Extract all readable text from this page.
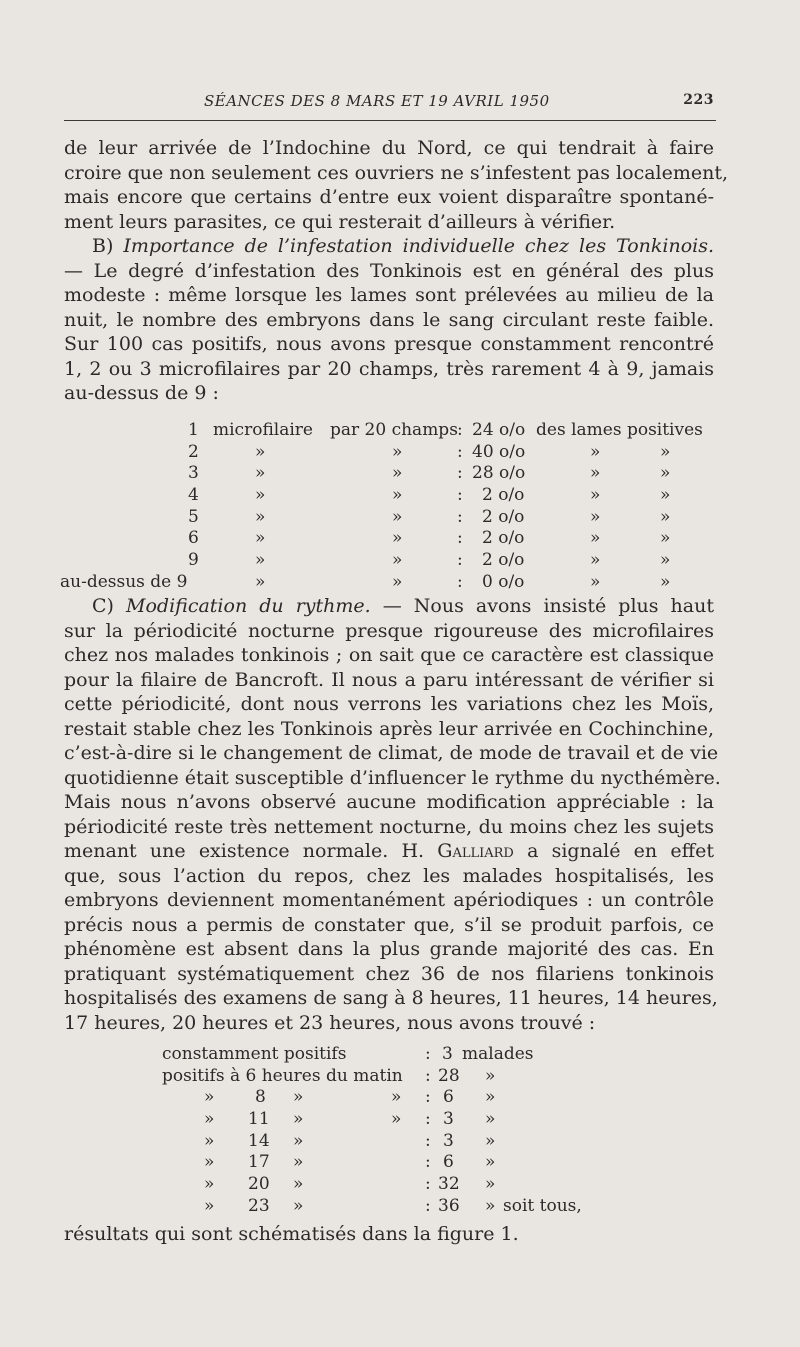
SÉANCES DES 8 MARS ET 19 AVRIL 1950	223
de leur arrivée de l’Indochine du Nord, ce qui tendrait à faire
croire que non seulement ces ouvriers ne s’infestent pas localement,
mais encore que certains d’entre eux voient disparaître spontané-
ment leurs parasites, ce qui resterait d’ailleurs à vérifier.
B) Importance de l’infestation individuelle chez les Tonkinois.
— Le degré d’infestation des Tonkinois est en général des plus
modeste : même lorsque les lames sont prélevées au milieu de la
nuit, le nombre des embryons dans le sang circulant reste faible.
Sur 100 cas positifs, nous avons presque constamment rencontré
1, 2 ou 3 microfilaires par 20 champs, très rarement 4 à 9, jamais
au-dessus de 9 :
1 microfilaire par 20 champs : 24 o/o des lames positives
2	»	»	: 40 o/o	»	»
3	»	»	: 28 o/o	»	»
4	»	»	: 2 o/o	»	»
5	»	»	: 2 o/o	»	»
6	»	»	: 2 o/o	»	»
9	»	»	: 2 o/o	»	»
au-dessus de 9	»	»	: 0 o/o	»	»
C) Modification du rythme. — Nous avons insisté plus haut
sur la périodicité nocturne presque rigoureuse des microfilaires
chez nos malades tonkinois ; on sait que ce caractère est classique
pour la filaire de Bancroft. Il nous a paru intéressant de vérifier si
cette périodicité, dont nous verrons les variations chez les Moïs,
restait stable chez les Tonkinois après leur arrivée en Cochinchine,
c’est-à-dire si le changement de climat, de mode de travail et de vie
quotidienne était susceptible d’influencer le rythme du nycthémère.
Mais nous n’avons observé aucune modification appréciable : la
périodicité reste très nettement nocturne, du moins chez les sujets
menant une existence normale. H. Galliard a signalé en effet
que, sous l’action du repos, chez les malades hospitalisés, les
embryons deviennent momentanément apériodiques : un contrôle
précis nous a permis de constater que, s’il se produit parfois, ce
phénomène est absent dans la plus grande majorité des cas. En
pratiquant systématiquement chez 36 de nos filariens tonkinois
hospitalisés des examens de sang à 8 heures, 11 heures, 14 heures,
17 heures, 20 heures et 23 heures, nous avons trouvé :
constamment positifs	: 3 malades
positifs à 6 heures du matin : 28 »
» 8 »	» : 6 »
» 11 »	» : 3 »
» 14 »	: 3 »
» 17 »	: 6 »
» 20 »	: 32 »
» 23 »	: 36 » soit tous,
résultats qui sont schématisés dans la figure 1.
